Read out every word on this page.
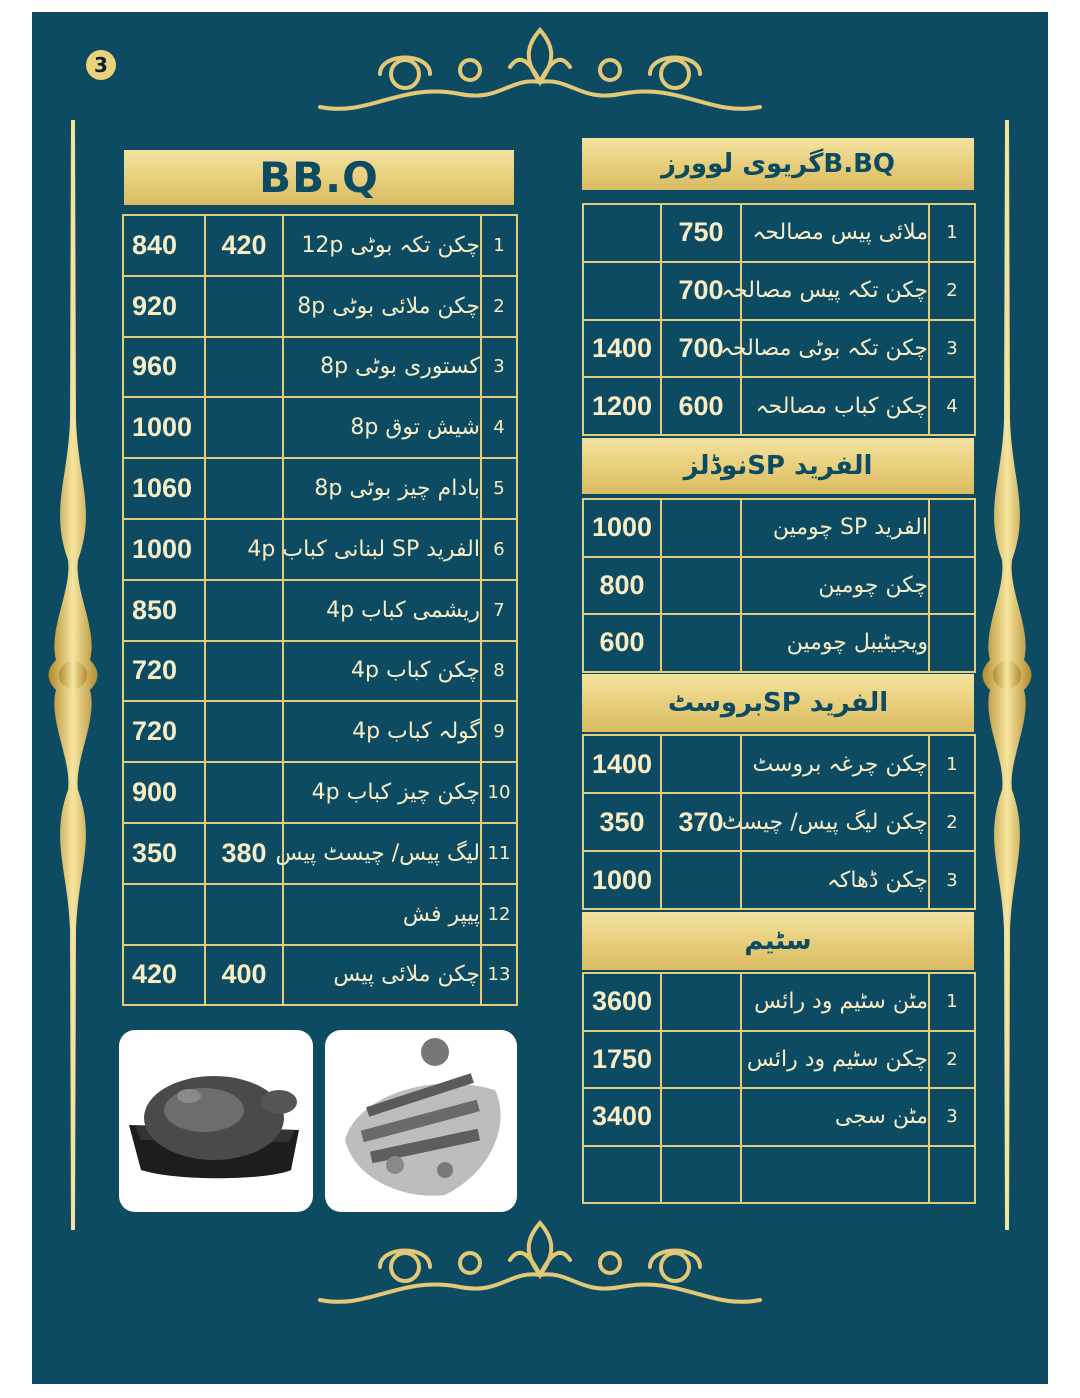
3
BB.Q
840	420	چکن تکہ بوٹی 12p	1
920		چکن ملائی بوٹی 8p	2
960		کستوری بوٹی 8p	3
1000		شیش توق 8p	4
1060		بادام چیز بوٹی 8p	5
1000		الفرید SP لبنانی کباب 4p	6
850		ریشمی کباب 4p	7
720		چکن کباب 4p	8
720		گولہ کباب 4p	9
900		چکن چیز کباب 4p	10
350	380	لیگ پیس/ چیسٹ پیس	11
		پیپر فش	12
420	400	چکن ملائی پیس	13
B.BQگریوی لوورز
	750	ملائی پیس مصالحہ	1
	700	چکن تکہ پیس مصالحہ	2
1400	700	چکن تکہ بوٹی مصالحہ	3
1200	600	چکن کباب مصالحہ	4
الفرید SPنوڈلز
1000		الفرید SP چومین	
800		چکن چومین	
600		ویجیٹیبل چومین	
الفرید SPبروسٹ
1400		چکن چرغہ بروسٹ	1
350	370	چکن لیگ پیس/ چیسٹ	2
1000		چکن ڈھاکہ	3
سٹیم
3600		مٹن سٹیم ود رائس	1
1750		چکن سٹیم ود رائس	2
3400		مٹن سجی	3
